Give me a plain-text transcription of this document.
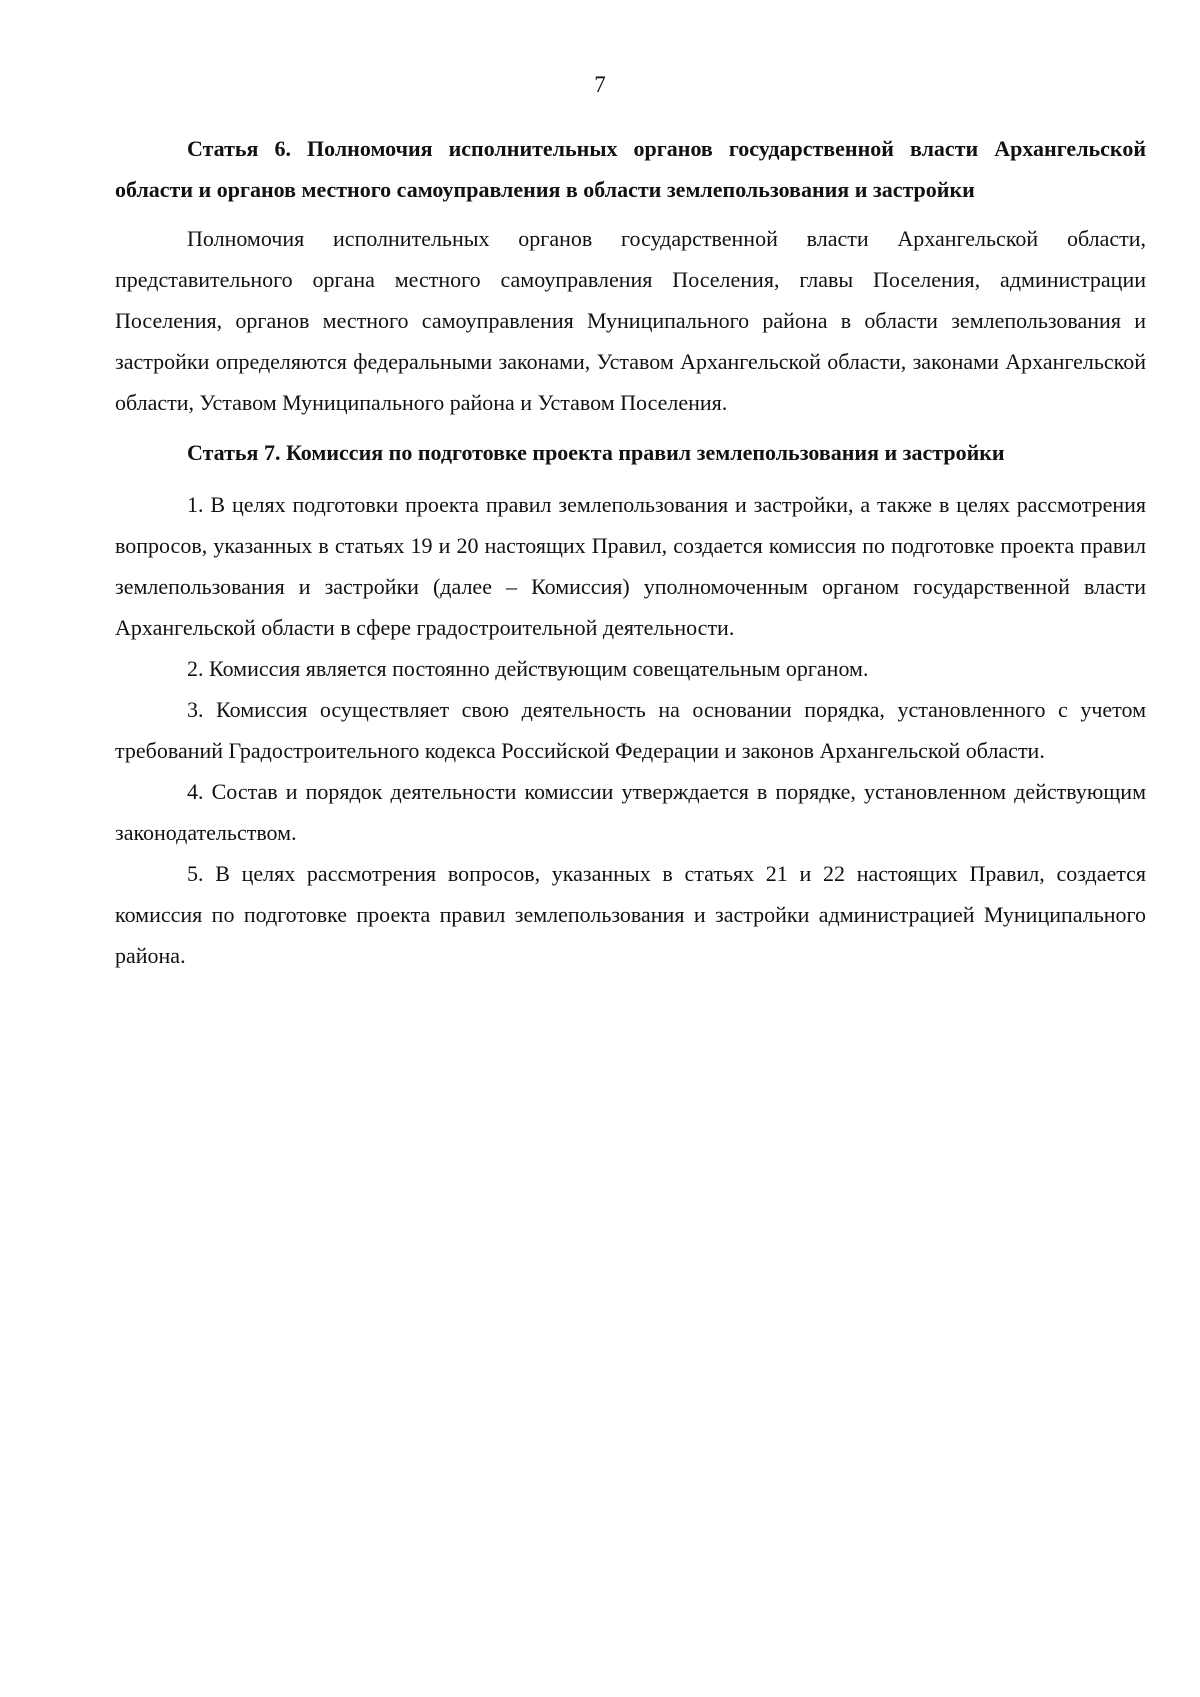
7

Статья 6. Полномочия исполнительных органов государственной власти Архангельской области и органов местного самоуправления в области землепользования и застройки

Полномочия исполнительных органов государственной власти Архангельской области, представительного органа местного самоуправления Поселения, главы Поселения, администрации Поселения, органов местного самоуправления Муниципального района в области землепользования и застройки определяются федеральными законами, Уставом Архангельской области, законами Архангельской области, Уставом Муниципального района и Уставом Поселения.

Статья 7. Комиссия по подготовке проекта правил землепользования и застройки

1. В целях подготовки проекта правил землепользования и застройки, а также в целях рассмотрения вопросов, указанных в статьях 19 и 20 настоящих Правил, создается комиссия по подготовке проекта правил землепользования и застройки (далее – Комиссия) уполномоченным органом государственной власти Архангельской области в сфере градостроительной деятельности.

2. Комиссия является постоянно действующим совещательным органом.

3. Комиссия осуществляет свою деятельность на основании порядка, установленного с учетом требований Градостроительного кодекса Российской Федерации и законов Архангельской области.

4. Состав и порядок деятельности комиссии утверждается в порядке, установленном действующим законодательством.

5. В целях рассмотрения вопросов, указанных в статьях 21 и 22 настоящих Правил, создается комиссия по подготовке проекта правил землепользования и застройки администрацией Муниципального района.
